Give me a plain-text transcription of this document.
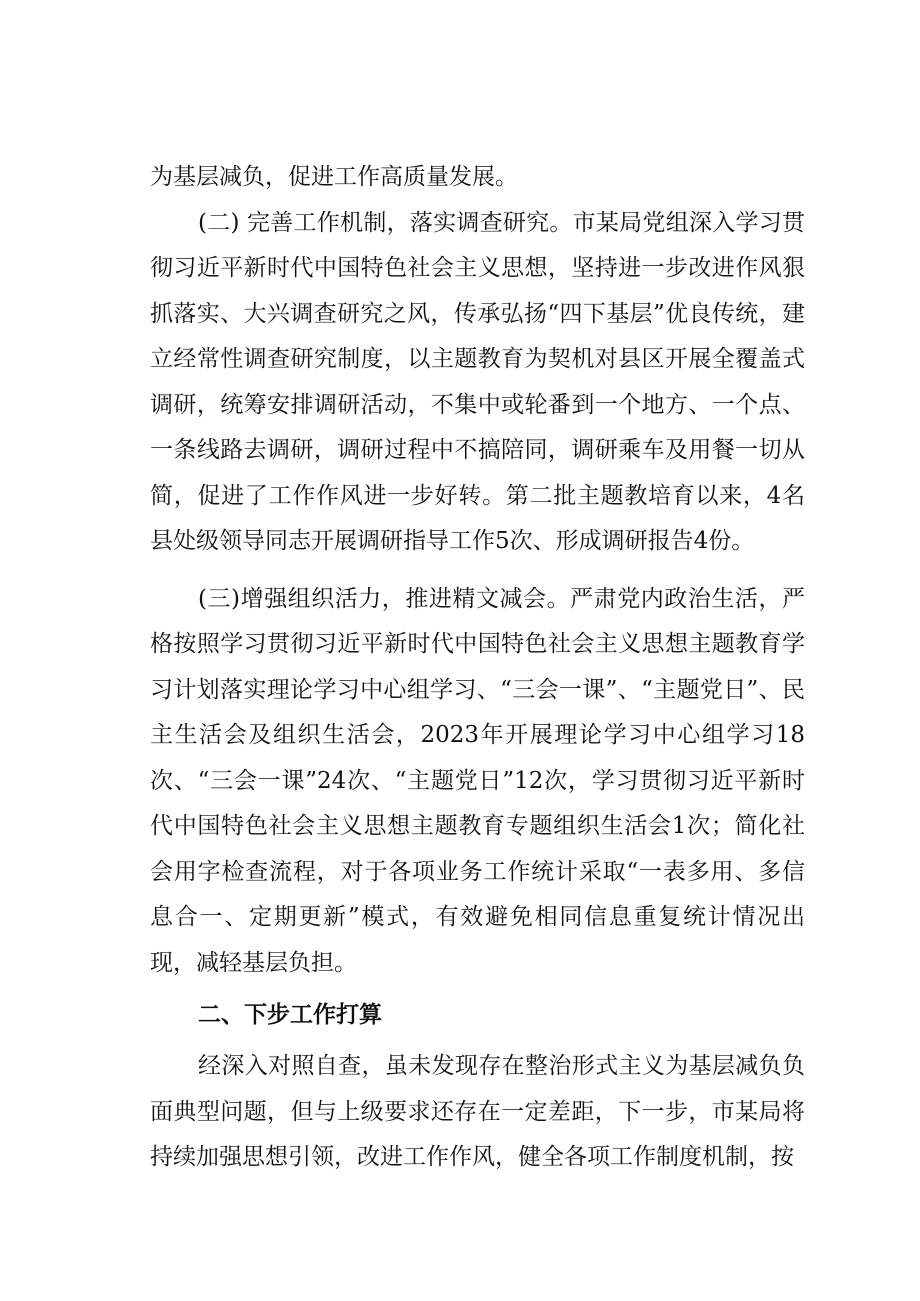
为基层减负，促进工作高质量发展。

(二) 完善工作机制，落实调查研究。市某局党组深入学习贯彻习近平新时代中国特色社会主义思想，坚持进一步改进作风狠抓落实、大兴调查研究之风，传承弘扬“四下基层”优良传统，建立经常性调查研究制度，以主题教育为契机对县区开展全覆盖式调研，统筹安排调研活动，不集中或轮番到一个地方、一个点、一条线路去调研，调研过程中不搞陪同，调研乘车及用餐一切从简，促进了工作作风进一步好转。第二批主题教培育以来，4名县处级领导同志开展调研指导工作5次、形成调研报告4份。

(三)增强组织活力，推进精文减会。严肃党内政治生活，严格按照学习贯彻习近平新时代中国特色社会主义思想主题教育学习计划落实理论学习中心组学习、“三会一课”、“主题党日”、民主生活会及组织生活会，2023年开展理论学习中心组学习18次、“三会一课”24次、“主题党日”12次，学习贯彻习近平新时代中国特色社会主义思想主题教育专题组织生活会1次；简化社会用字检查流程，对于各项业务工作统计采取“一表多用、多信息合一、定期更新”模式，有效避免相同信息重复统计情况出现，减轻基层负担。

二、下步工作打算

经深入对照自查，虽未发现存在整治形式主义为基层减负负面典型问题，但与上级要求还存在一定差距，下一步，市某局将持续加强思想引领，改进工作作风，健全各项工作制度机制，按
